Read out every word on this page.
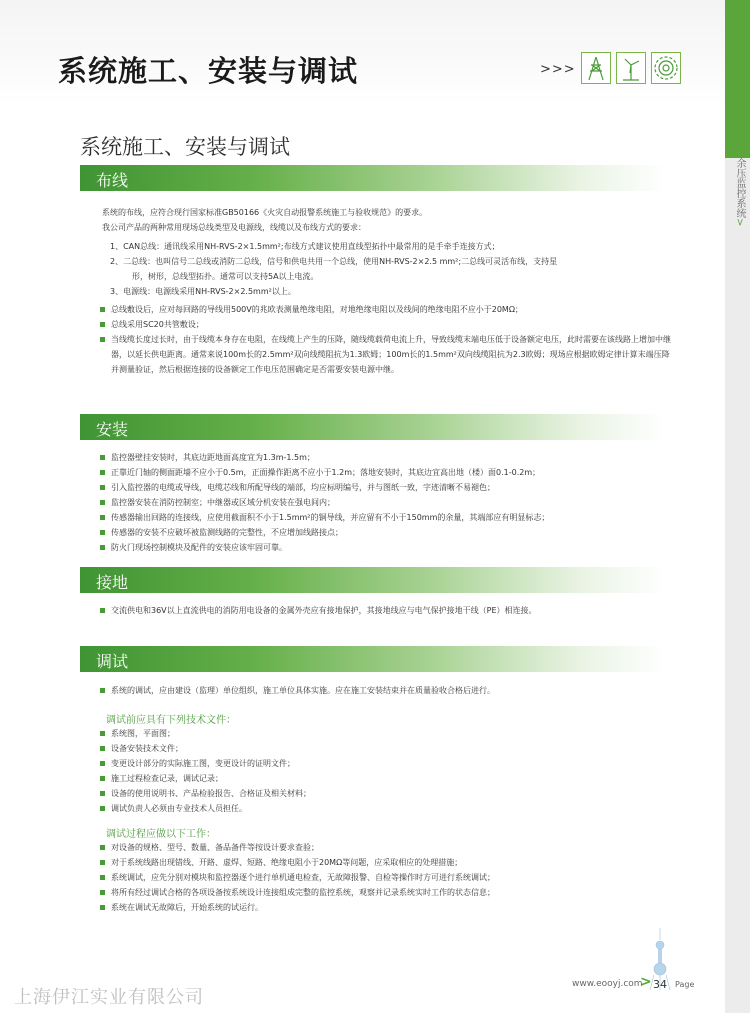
系统施工、安装与调试	>>>
余压监控系统>
系统施工、安装与调试
布线
系统的布线，应符合现行国家标准GB50166《火灾自动报警系统施工与验收规范》的要求。
我公司产品的两种常用现场总线类型及电源线，线缆以及布线方式的要求：
1、CAN总线：通讯线采用NH-RVS-2×1.5mm²;布线方式建议使用直线型拓扑中最常用的是手牵手连接方式；
2、二总线：也叫信号二总线或消防二总线，信号和供电共用一个总线，使用NH-RVS-2×2.5 mm²;二总线可灵活布线，支持星
形，树形，总线型拓扑。通常可以支持5A以上电流。
3、电源线：电源线采用NH-RVS-2×2.5mm²以上。
总线敷设后，应对每回路的导线用500V的兆欧表测量绝缘电阻，对地绝缘电阻以及线间的绝缘电阻不应小于20MΩ；
总线采用SC20共管敷设；
当线缆长度过长时，由于线缆本身存在电阻，在线缆上产生的压降，随线缆载荷电流上升，导致线缆末端电压低于设备额定电压，此时需要在该线路上增加中继器，以延长供电距离。通常来说100m长的2.5mm²双向线缆阻抗为1.3欧姆；100m长的1.5mm²双向线缆阻抗为2.3欧姆；现场应根据欧姆定律计算末端压降并测量验证，然后根据连接的设备额定工作电压范围确定是否需要安装电源中继。
安装
监控器壁挂安装时，其底边距地面高度宜为1.3m-1.5m；
正靠近门轴的侧面距墙不应小于0.5m，正面操作距离不应小于1.2m；落地安装时，其底边宜高出地（楼）面0.1-0.2m；
引入监控器的电缆或导线，电缆芯线和所配导线的端部，均应标明编号，并与图纸一致，字迹清晰不易褪色；
监控器安装在消防控制室；中继器或区域分机安装在强电间内；
传感器输出回路的连接线，应使用截面积不小于1.5mm²的铜导线，并应留有不小于150mm的余量，其端部应有明显标志；
传感器的安装不应破坏被监测线路的完整性，不应增加线路接点；
防火门现场控制模块及配件的安装应该牢固可靠。
接地
交流供电和36V以上直流供电的消防用电设备的金属外壳应有接地保护，其接地线应与电气保护接地干线（PE）相连接。
调试
系统的调试，应由建设（监理）单位组织，施工单位具体实施。应在施工安装结束并在质量验收合格后进行。
调试前应具有下列技术文件：
系统图，平面图；
设备安装技术文件；
变更设计部分的实际施工图，变更设计的证明文件；
施工过程检查记录，调试记录；
设备的使用说明书、产品检验报告、合格证及相关材料；
调试负责人必须由专业技术人员担任。
调试过程应做以下工作：
对设备的规格、型号、数量、备品备件等按设计要求查验；
对于系统线路出现错线、开路、虚焊、短路、绝缘电阻小于20MΩ等问题，应采取相应的处理措施；
系统调试，应先分别对模块和监控器逐个进行单机通电检查，无故障报警、自检等操作时方可进行系统调试；
将所有经过调试合格的各项设备按系统设计连接组成完整的监控系统，观察并记录系统实时工作的状态信息；
系统在调试无故障后，开始系统的试运行。
www.eooyj.com
> 34 Page
上海伊江实业有限公司
